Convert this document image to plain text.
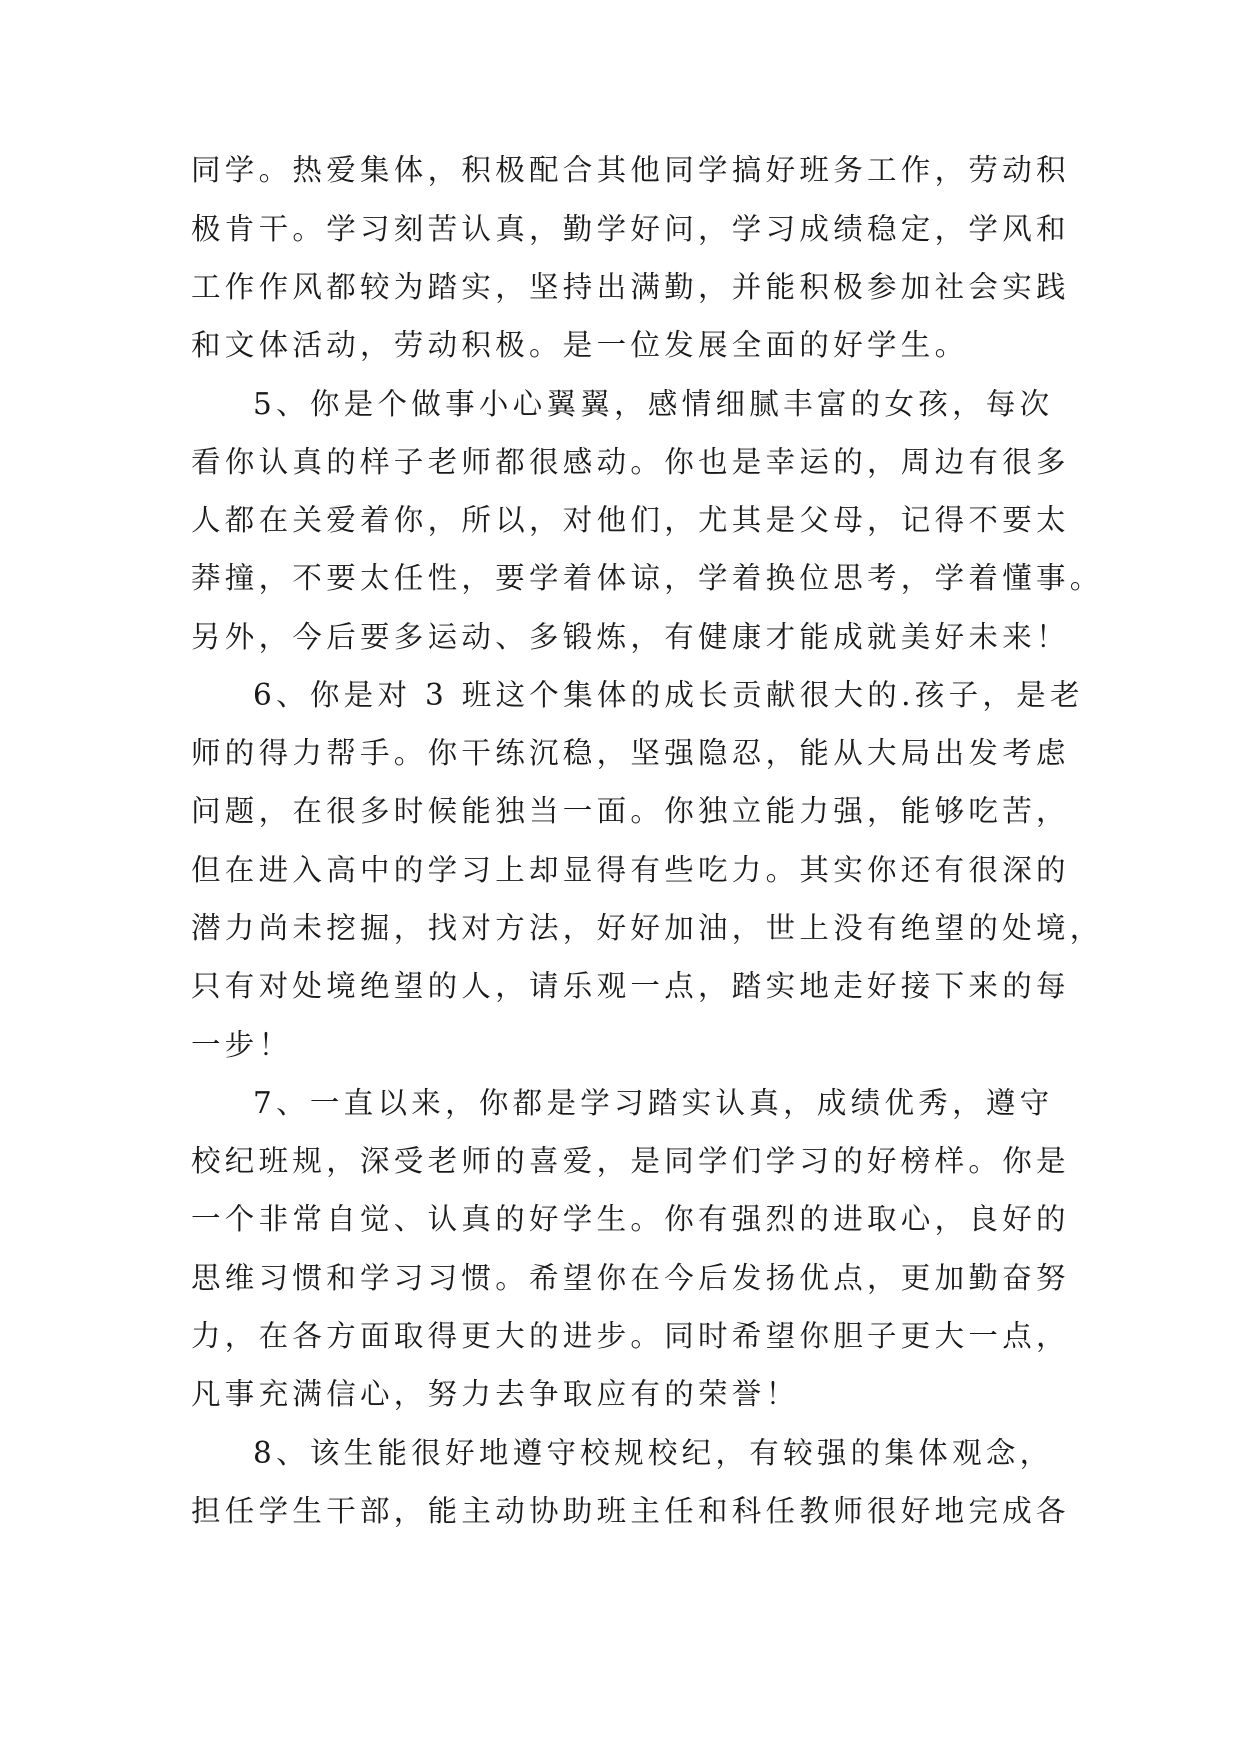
同学。热爱集体，积极配合其他同学搞好班务工作，劳动积
极肯干。学习刻苦认真，勤学好问，学习成绩稳定，学风和
工作作风都较为踏实，坚持出满勤，并能积极参加社会实践
和文体活动，劳动积极。是一位发展全面的好学生。
5、你是个做事小心翼翼，感情细腻丰富的女孩，每次
看你认真的样子老师都很感动。你也是幸运的，周边有很多
人都在关爱着你，所以，对他们，尤其是父母，记得不要太
莽撞，不要太任性，要学着体谅，学着换位思考，学着懂事。
另外，今后要多运动、多锻炼，有健康才能成就美好未来！
6、你是对 3 班这个集体的成长贡献很大的.孩子，是老
师的得力帮手。你干练沉稳，坚强隐忍，能从大局出发考虑
问题，在很多时候能独当一面。你独立能力强，能够吃苦，
但在进入高中的学习上却显得有些吃力。其实你还有很深的
潜力尚未挖掘，找对方法，好好加油，世上没有绝望的处境，
只有对处境绝望的人，请乐观一点，踏实地走好接下来的每
一步！
7、一直以来，你都是学习踏实认真，成绩优秀，遵守
校纪班规，深受老师的喜爱，是同学们学习的好榜样。你是
一个非常自觉、认真的好学生。你有强烈的进取心，良好的
思维习惯和学习习惯。希望你在今后发扬优点，更加勤奋努
力，在各方面取得更大的进步。同时希望你胆子更大一点，
凡事充满信心，努力去争取应有的荣誉！
8、该生能很好地遵守校规校纪，有较强的集体观念，
担任学生干部，能主动协助班主任和科任教师很好地完成各
